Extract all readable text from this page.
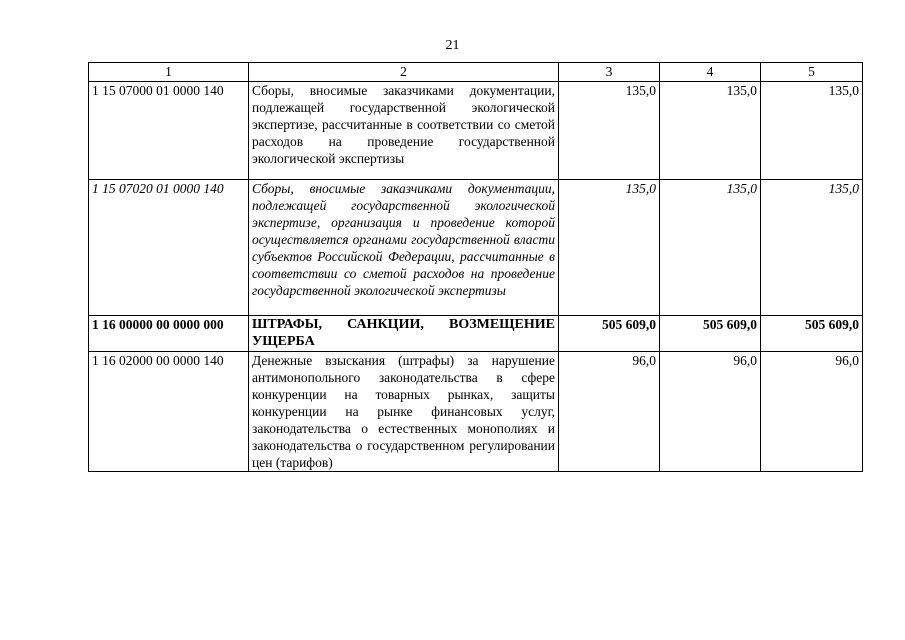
21
1	2	3	4	5
1 15 07000 01 0000 140	Сборы, вносимые заказчиками документации, подлежащей государственной экологической экспертизе, рассчитанные в соответствии со сметой расходов на проведение государственной экологической экспертизы	135,0	135,0	135,0
1 15 07020 01 0000 140	Сборы, вносимые заказчиками документации, подлежащей государственной экологической экспертизе, организация и проведение которой осуществляется органами государственной власти субъектов Российской Федерации, рассчитанные в соответствии со сметой расходов на проведение государственной экологической экспертизы	135,0	135,0	135,0
1 16 00000 00 0000 000	ШТРАФЫ, САНКЦИИ, ВОЗМЕЩЕНИЕ УЩЕРБА	505 609,0	505 609,0	505 609,0
1 16 02000 00 0000 140	Денежные взыскания (штрафы) за нарушение антимонопольного законодательства в сфере конкуренции на товарных рынках, защиты конкуренции на рынке финансовых услуг, законодательства о естественных монополиях и законодательства о государственном регулировании цен (тарифов)	96,0	96,0	96,0
